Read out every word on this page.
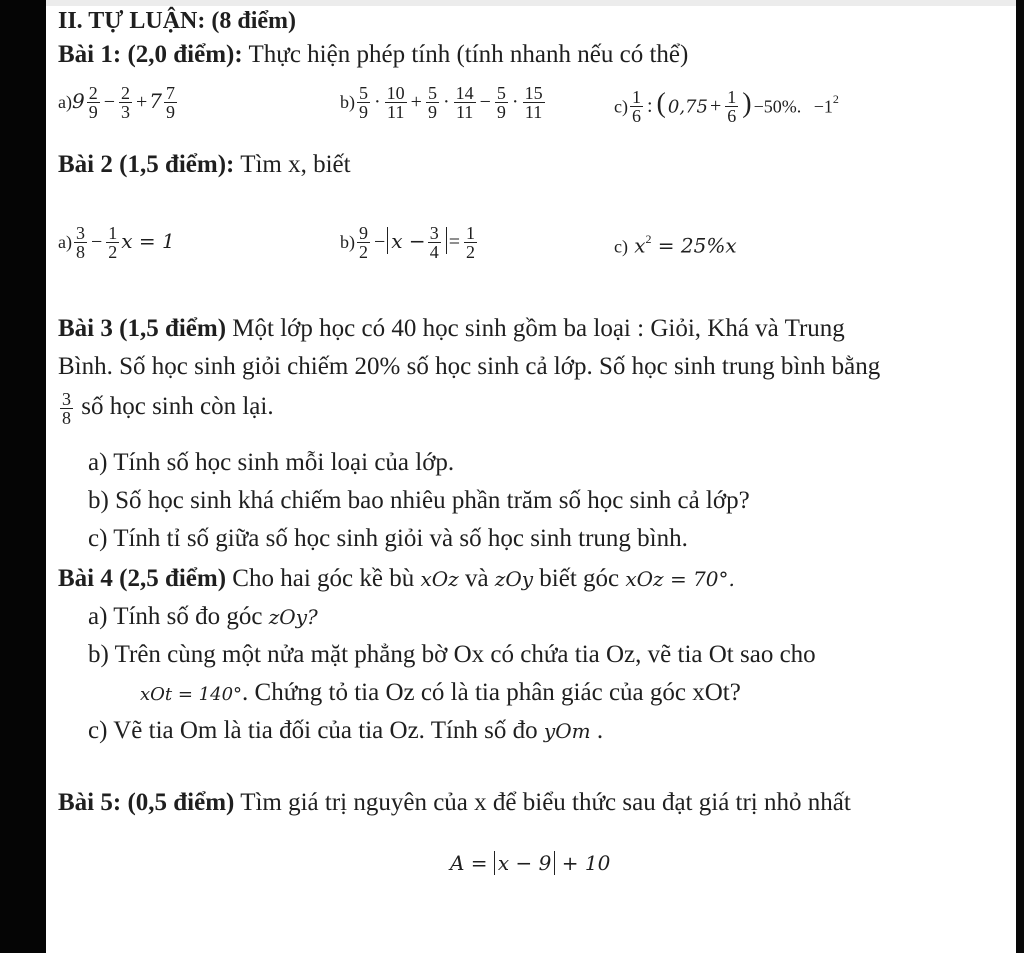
II. TỰ LUẬN: (8 điểm)
Bài 1: (2,0 điểm): Thực hiện phép tính (tính nhanh nếu có thể)
$a)9 \frac{2}{9} - \frac{2}{3} + 7 \frac{7}{9}$	$b) \frac{5}{9} \cdot \frac{10}{11} + \frac{5}{9} \cdot \frac{14}{11} - \frac{5}{9} \cdot \frac{15}{11}$	$c) \frac{1}{6}$ : ( $0,75 + \frac{1}{6}$ ) −50%. $-1^2$
Bài 2 (1,5 điểm): Tìm x, biết
$a) \frac{3}{8} - \frac{1}{2}$ x = 1	$b) \frac{9}{2} - x - \frac{3}{4} = \frac{1}{2}$	c) $x^2 = 25\%x$
Bài 3 (1,5 điểm) Một lớp học có 40 học sinh gồm ba loại : Giỏi, Khá và Trung
Bình. Số học sinh giỏi chiếm 20% số học sinh cả lớp. Số học sinh trung bình bằng
$\frac{3}{8}$ số học sinh còn lại.
a) Tính số học sinh mỗi loại của lớp.
b) Số học sinh khá chiếm bao nhiêu phần trăm số học sinh cả lớp?
c) Tính tỉ số giữa số học sinh giỏi và số học sinh trung bình.
Bài 4 (2,5 điểm) Cho hai góc kề bù xOz và zOy biết góc xOz = 70°.
a) Tính số đo góc zOy?
b) Trên cùng một nửa mặt phẳng bờ Ox có chứa tia Oz, vẽ tia Ot sao cho
xOt = 140°. Chứng tỏ tia Oz có là tia phân giác của góc xOt?
c) Vẽ tia Om là tia đối của tia Oz. Tính số đo yOm .
Bài 5: (0,5 điểm) Tìm giá trị nguyên của x để biểu thức sau đạt giá trị nhỏ nhất
A = x − 9 + 10
